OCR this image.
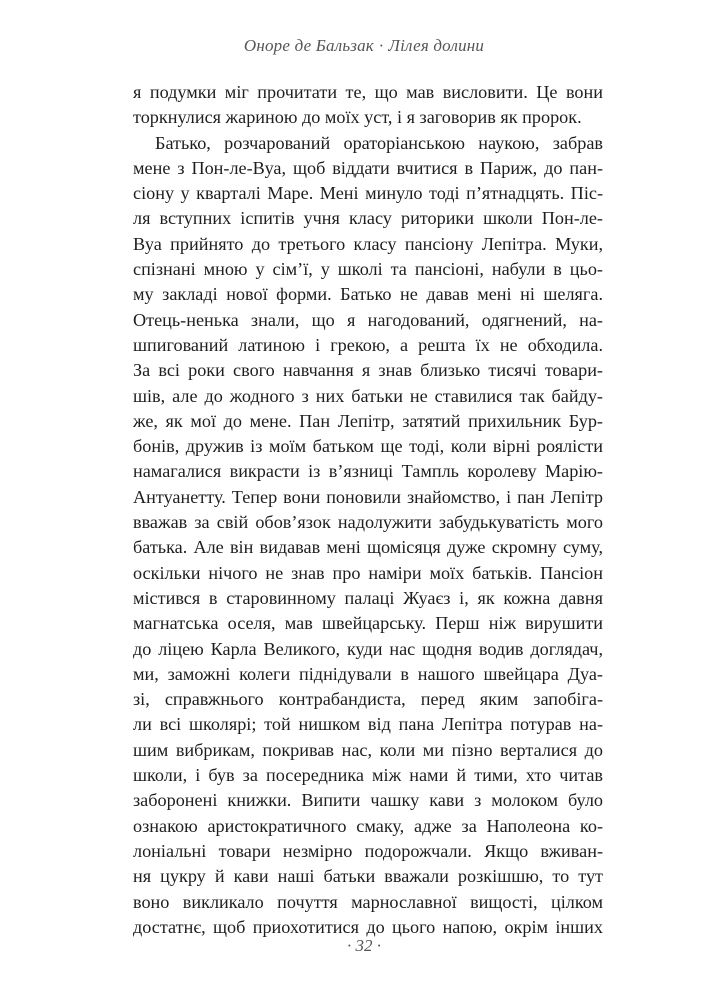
Оноре де Бальзак · Лілея долини
я подумки міг прочитати те, що мав висловити. Це вони
торкнулися жариною до моїх уст, і я заговорив як пророк.
Батько, розчарований ораторіанською наукою, забрав
мене з Пон-ле-Вуа, щоб віддати вчитися в Париж, до пан-
сіону у кварталі Маре. Мені минуло тоді п’ятнадцять. Піс-
ля вступних іспитів учня класу риторики школи Пон-ле-
Вуа прийнято до третього класу пансіону Лепітра. Муки,
спізнані мною у сім’ї, у школі та пансіоні, набули в цьо-
му закладі нової форми. Батько не давав мені ні шеляга.
Отець-ненька знали, що я нагодований, одягнений, на-
шпигований латиною і грекою, а решта їх не обходила.
За всі роки свого навчання я знав близько тисячі товари-
шів, але до жодного з них батьки не ставилися так байду-
же, як мої до мене. Пан Лепітр, затятий прихильник Бур-
бонів, дружив із моїм батьком ще тоді, коли вірні роялісти
намагалися викрасти із в’язниці Тампль королеву Марію-
Антуанетту. Тепер вони поновили знайомство, і пан Лепітр
вважав за свій обов’язок надолужити забудькуватість мого
батька. Але він видавав мені щомісяця дуже скромну суму,
оскільки нічого не знав про наміри моїх батьків. Пансіон
містився в старовинному палаці Жуаєз і, як кожна давня
магнатська оселя, мав швейцарську. Перш ніж вирушити
до ліцею Карла Великого, куди нас щодня водив доглядач,
ми, заможні колеги піднідували в нашого швейцара Дуа-
зі, справжнього контрабандиста, перед яким запобіга-
ли всі школярі; той нишком від пана Лепітра потурав на-
шим вибрикам, покривав нас, коли ми пізно верталися до
школи, і був за посередника між нами й тими, хто читав
заборонені книжки. Випити чашку кави з молоком було
ознакою аристократичного смаку, адже за Наполеона ко-
лоніальні товари незмірно подорожчали. Якщо вживан-
ня цукру й кави наші батьки вважали розкішшю, то тут
воно викликало почуття марнославної вищості, цілком
достатнє, щоб приохотитися до цього напою, окрім інших
· 32 ·
